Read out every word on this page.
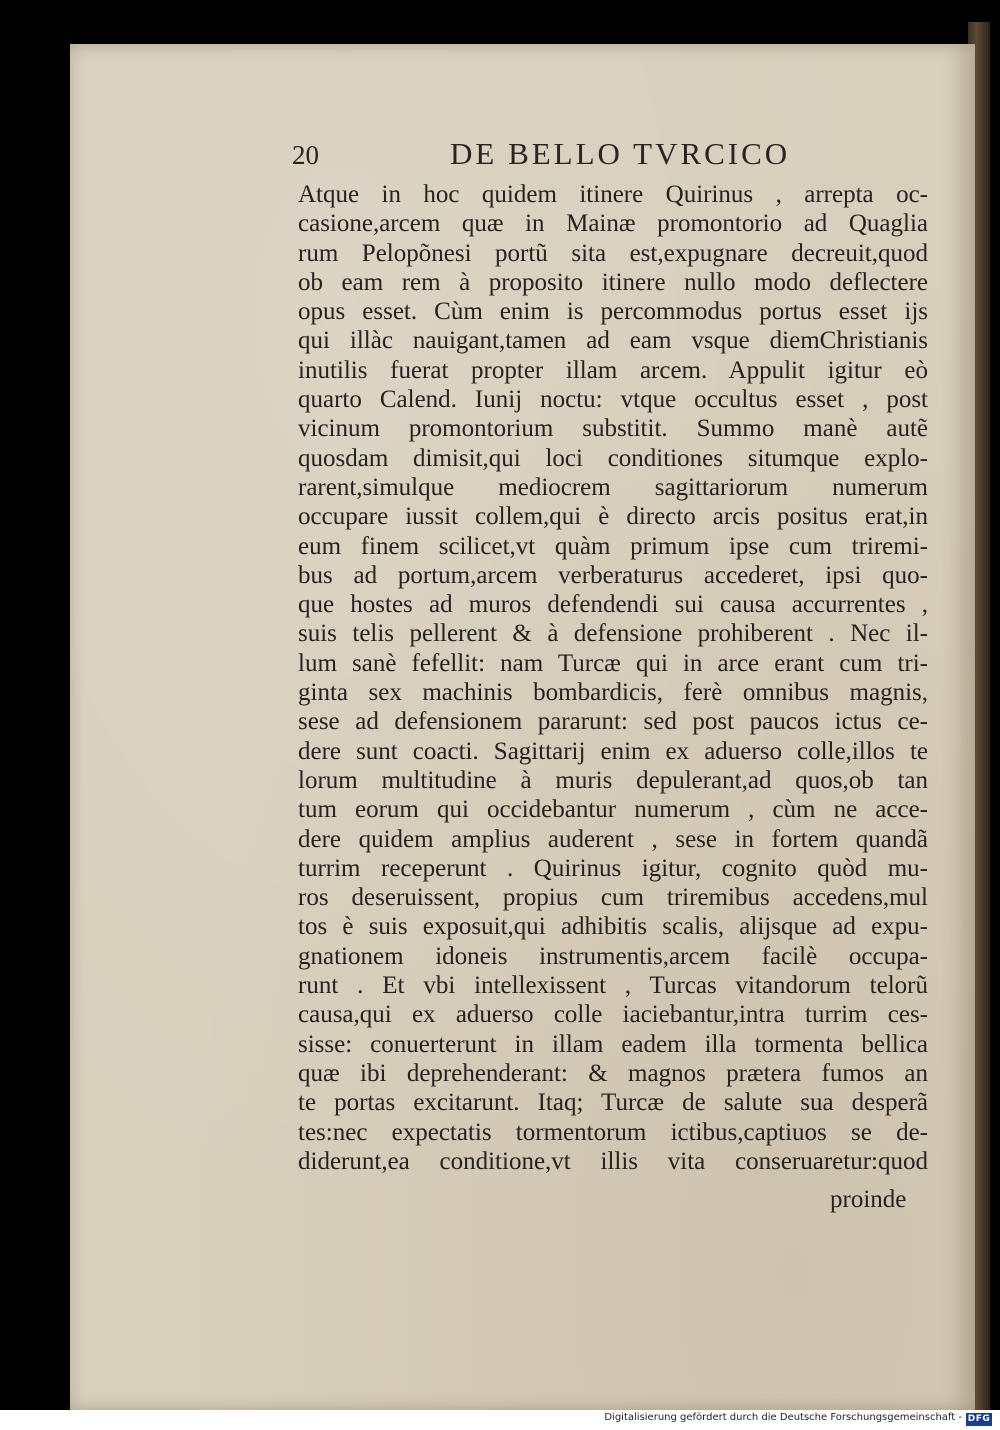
20	DE BELLO TVRCICO
Atque in hoc quidem itinere Quirinus , arrepta oc-
casione,arcem quæ in Mainæ promontorio ad Quaglia
rum Pelopõnesi portũ sita est,expugnare decreuit,quod
ob eam rem à proposito itinere nullo modo deflectere
opus esset. Cùm enim is percommodus portus esset ijs
qui illàc nauigant,tamen ad eam vsque diemChristianis
inutilis fuerat propter illam arcem. Appulit igitur eò
quarto Calend. Iunij noctu: vtque occultus esset , post
vicinum promontorium substitit. Summo manè autẽ
quosdam dimisit,qui loci conditiones situmque explo-
rarent,simulque mediocrem sagittariorum numerum
occupare iussit collem,qui è directo arcis positus erat,in
eum finem scilicet,vt quàm primum ipse cum triremi-
bus ad portum,arcem verberaturus accederet, ipsi quo-
que hostes ad muros defendendi sui causa accurrentes ,
suis telis pellerent & à defensione prohiberent . Nec il-
lum sanè fefellit: nam Turcæ qui in arce erant cum tri-
ginta sex machinis bombardicis, ferè omnibus magnis,
sese ad defensionem pararunt: sed post paucos ictus ce-
dere sunt coacti. Sagittarij enim ex aduerso colle,illos te
lorum multitudine à muris depulerant,ad quos,ob tan
tum eorum qui occidebantur numerum , cùm ne acce-
dere quidem amplius auderent , sese in fortem quandã
turrim receperunt . Quirinus igitur, cognito quòd mu-
ros deseruissent, propius cum triremibus accedens,mul
tos è suis exposuit,qui adhibitis scalis, alijsque ad expu-
gnationem idoneis instrumentis,arcem facilè occupa-
runt . Et vbi intellexissent , Turcas vitandorum telorũ
causa,qui ex aduerso colle iaciebantur,intra turrim ces-
sisse: conuerterunt in illam eadem illa tormenta bellica
quæ ibi deprehenderant: & magnos prætera fumos an
te portas excitarunt. Itaq; Turcæ de salute sua desperã
tes:nec expectatis tormentorum ictibus,captiuos se de-
diderunt,ea conditione,vt illis vita conseruaretur:quod
proinde
Digitalisierung gefördert durch die Deutsche Forschungsgemeinschaft - DFG
